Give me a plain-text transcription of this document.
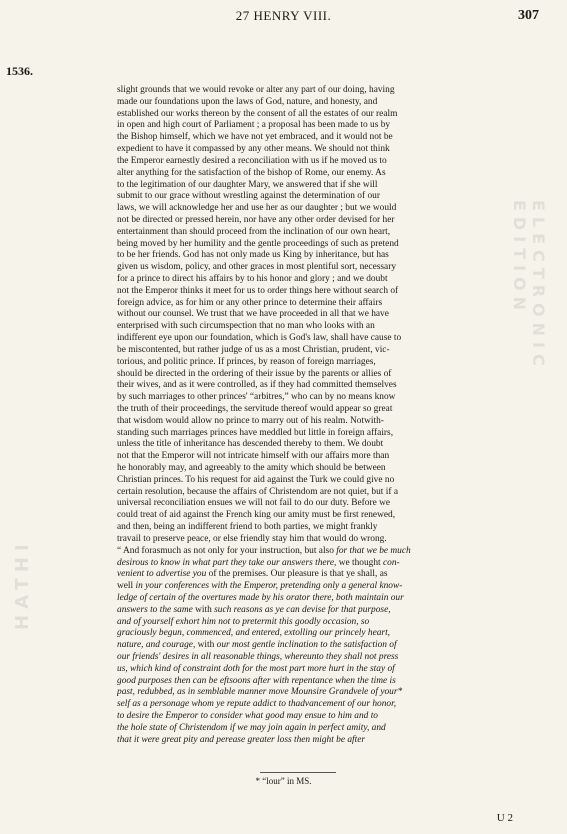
HATHI
ELECTRONIC EDITION
27 HENRY VIII.	307
1536.
slight grounds that we would revoke or alter any part of our doing, having
made our foundations upon the laws of God, nature, and honesty, and
established our works thereon by the consent of all the estates of our realm
in open and high court of Parliament ; a proposal has been made to us by
the Bishop himself, which we have not yet embraced, and it would not be
expedient to have it compassed by any other means. We should not think
the Emperor earnestly desired a reconciliation with us if he moved us to
alter anything for the satisfaction of the bishop of Rome, our enemy. As
to the legitimation of our daughter Mary, we answered that if she will
submit to our grace without wrestling against the determination of our
laws, we will acknowledge her and use her as our daughter ; but we would
not be directed or pressed herein, nor have any other order devised for her
entertainment than should proceed from the inclination of our own heart,
being moved by her humility and the gentle proceedings of such as pretend
to be her friends. God has not only made us King by inheritance, but has
given us wisdom, policy, and other graces in most plentiful sort, necessary
for a prince to direct his affairs by to his honor and glory ; and we doubt
not the Emperor thinks it meet for us to order things here without search of
foreign advice, as for him or any other prince to determine their affairs
without our counsel. We trust that we have proceeded in all that we have
enterprised with such circumspection that no man who looks with an
indifferent eye upon our foundation, which is God's law, shall have cause to
be miscontented, but rather judge of us as a most Christian, prudent, vic-
torious, and politic prince. If princes, by reason of foreign marriages,
should be directed in the ordering of their issue by the parents or allies of
their wives, and as it were controlled, as if they had committed themselves
by such marriages to other princes' “arbitres,” who can by no means know
the truth of their proceedings, the servitude thereof would appear so great
that wisdom would allow no prince to marry out of his realm. Notwith-
standing such marriages princes have meddled but little in foreign affairs,
unless the title of inheritance has descended thereby to them. We doubt
not that the Emperor will not intricate himself with our affairs more than
he honorably may, and agreeably to the amity which should be between
Christian princes. To his request for aid against the Turk we could give no
certain resolution, because the affairs of Christendom are not quiet, but if a
universal reconciliation ensues we will not fail to do our duty. Before we
could treat of aid against the French king our amity must be first renewed,
and then, being an indifferent friend to both parties, we might frankly
travail to preserve peace, or else friendly stay him that would do wrong.
“ And forasmuch as not only for your instruction, but also for that we be much
desirous to know in what part they take our answers there, we thought con-
venient to advertise you of the premises. Our pleasure is that ye shall, as
well in your conferences with the Emperor, pretending only a general know-
ledge of certain of the overtures made by his orator there, both maintain our
answers to the same with such reasons as ye can devise for that purpose,
and of yourself exhort him not to pretermit this goodly occasion, so
graciously begun, commenced, and entered, extolling our princely heart,
nature, and courage, with our most gentle inclination to the satisfaction of
our friends' desires in all reasonable things, whereunto they shall not press
us, which kind of constraint doth for the most part more hurt in the stay of
good purposes then can be eftsoons after with repentance when the time is
past, redubbed, as in semblable manner move Mounsire Grandvele of your*
self as a personage whom ye repute addict to thadvancement of our honor,
to desire the Emperor to consider what good may ensue to him and to
the hole state of Christendom if we may join again in perfect amity, and
that it were great pity and perease greater loss then might be after
* “lour” in MS.
U 2
